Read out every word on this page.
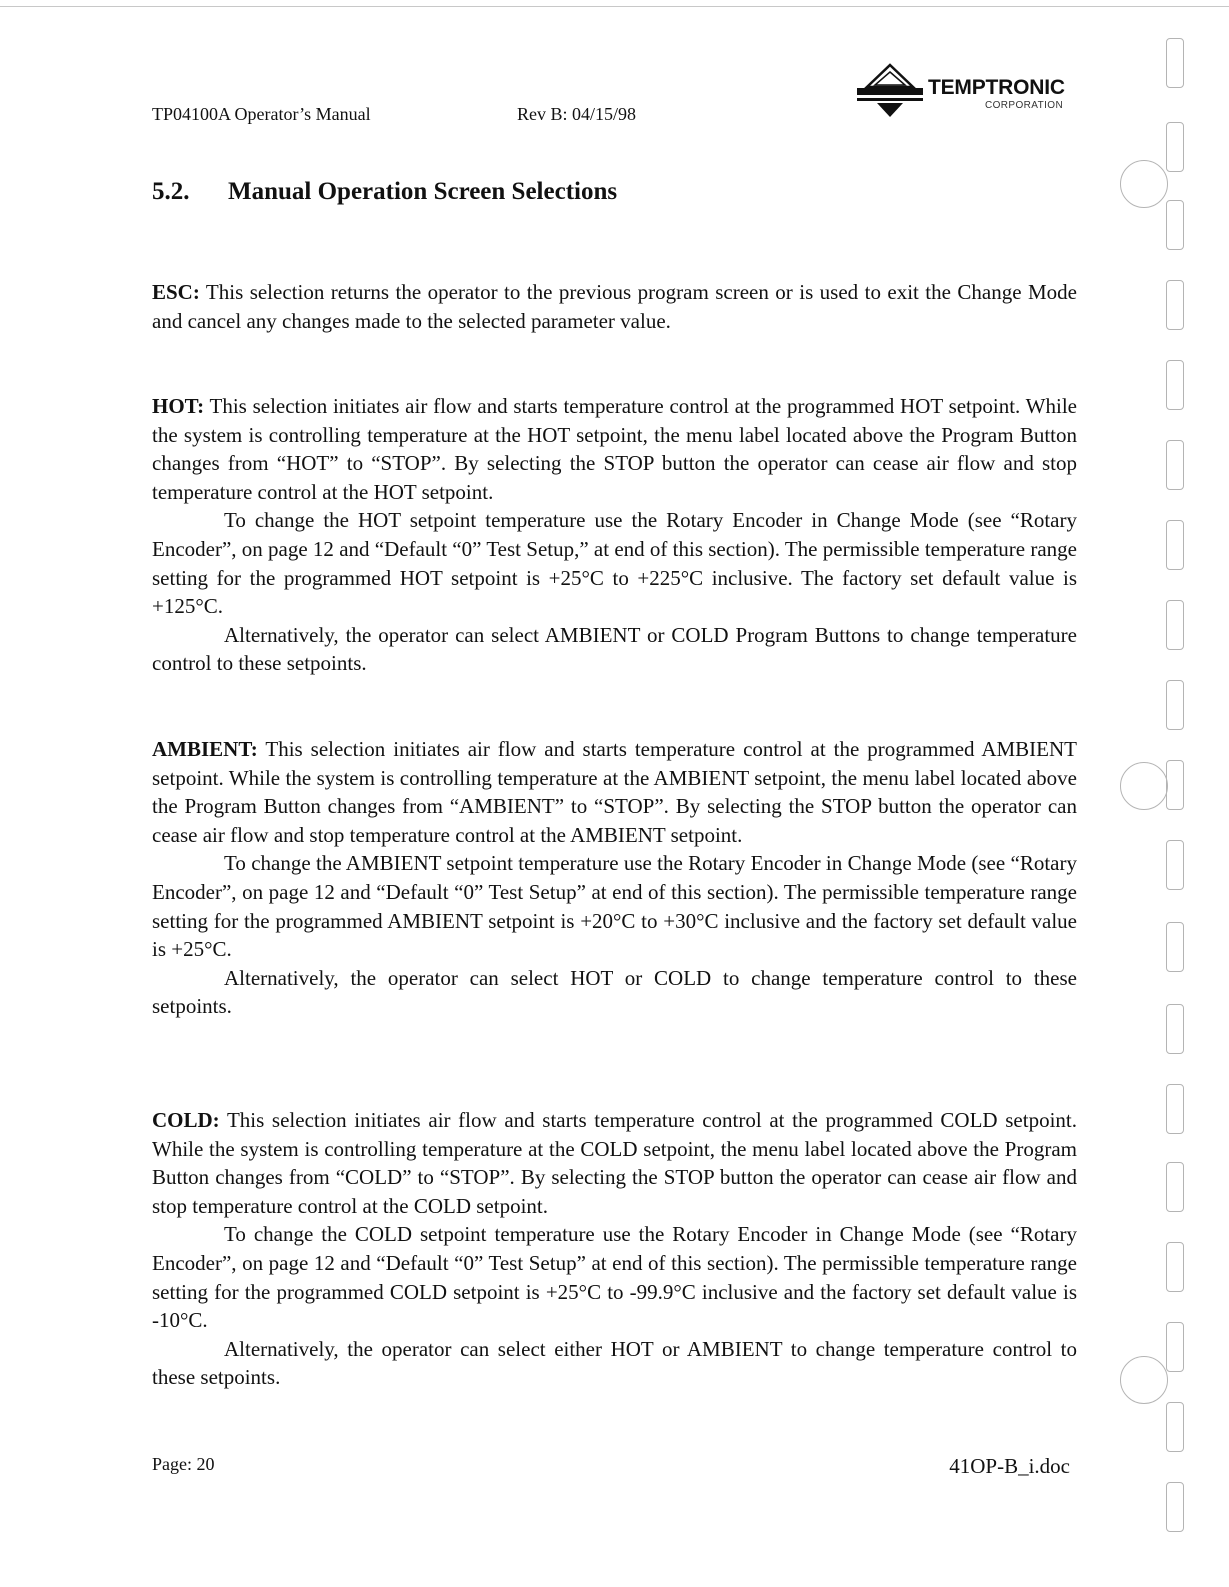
TP04100A Operator’s Manual	Rev B: 04/15/98
TEMPTRONIC
CORPORATION
5.2. Manual Operation Screen Selections

ESC: This selection returns the operator to the previous program screen or is used to exit the Change Mode and cancel any changes made to the selected parameter value.

HOT: This selection initiates air flow and starts temperature control at the programmed HOT setpoint. While the system is controlling temperature at the HOT setpoint, the menu label located above the Program Button changes from “HOT” to “STOP”. By selecting the STOP button the operator can cease air flow and stop temperature control at the HOT setpoint.

To change the HOT setpoint temperature use the Rotary Encoder in Change Mode (see “Rotary Encoder”, on page 12 and “Default “0” Test Setup,” at end of this section). The permissible temperature range setting for the programmed HOT setpoint is +25°C to +225°C inclusive. The factory set default value is +125°C.

Alternatively, the operator can select AMBIENT or COLD Program Buttons to change temperature control to these setpoints.

AMBIENT: This selection initiates air flow and starts temperature control at the programmed AMBIENT setpoint. While the system is controlling temperature at the AMBIENT setpoint, the menu label located above the Program Button changes from “AMBIENT” to “STOP”. By selecting the STOP button the operator can cease air flow and stop temperature control at the AMBIENT setpoint.

To change the AMBIENT setpoint temperature use the Rotary Encoder in Change Mode (see “Rotary Encoder”, on page 12 and “Default “0” Test Setup” at end of this section). The permissible temperature range setting for the programmed AMBIENT setpoint is +20°C to +30°C inclusive and the factory set default value is +25°C.

Alternatively, the operator can select HOT or COLD to change temperature control to these setpoints.

COLD: This selection initiates air flow and starts temperature control at the programmed COLD setpoint. While the system is controlling temperature at the COLD setpoint, the menu label located above the Program Button changes from “COLD” to “STOP”. By selecting the STOP button the operator can cease air flow and stop temperature control at the COLD setpoint.

To change the COLD setpoint temperature use the Rotary Encoder in Change Mode (see “Rotary Encoder”, on page 12 and “Default “0” Test Setup” at end of this section). The permissible temperature range setting for the programmed COLD setpoint is +25°C to -99.9°C inclusive and the factory set default value is -10°C.

Alternatively, the operator can select either HOT or AMBIENT to change temperature control to these setpoints.

Page: 20	41OP-B_i.doc
